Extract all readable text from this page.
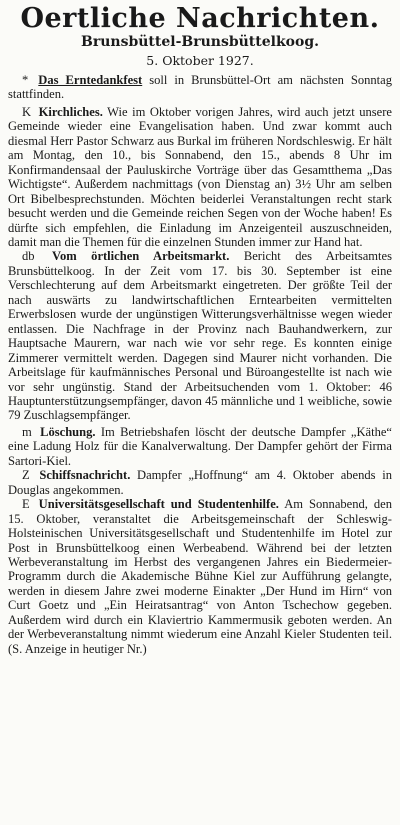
Oertliche Nachrichten.
Brunsbüttel-Brunsbüttelkoog.
5. Oktober 1927.

* Das Erntedankfest soll in Brunsbüttel-Ort am nächsten Sonntag stattfinden.

K Kirchliches. Wie im Oktober vorigen Jahres, wird auch jetzt unsere Gemeinde wieder eine Evangelisation haben. Und zwar kommt auch diesmal Herr Pastor Schwarz aus Burkal im früheren Nordschleswig. Er hält am Montag, den 10., bis Sonnabend, den 15., abends 8 Uhr im Konfirmandensaal der Pauluskirche Vorträge über das Gesamtthema „Das Wichtigste“. Außerdem nachmittags (von Dienstag an) 3½ Uhr am selben Ort Bibelbesprechstunden. Möchten beiderlei Veranstaltungen recht stark besucht werden und die Gemeinde reichen Segen von der Woche haben! Es dürfte sich empfehlen, die Einladung im Anzeigenteil auszuschneiden, damit man die Themen für die einzelnen Stunden immer zur Hand hat.

db Vom örtlichen Arbeitsmarkt. Bericht des Arbeitsamtes Brunsbüttelkoog. In der Zeit vom 17. bis 30. September ist eine Verschlechterung auf dem Arbeitsmarkt eingetreten. Der größte Teil der nach auswärts zu landwirtschaftlichen Erntearbeiten vermittelten Erwerbslosen wurde der ungünstigen Witterungsverhältnisse wegen wieder entlassen. Die Nachfrage in der Provinz nach Bauhandwerkern, zur Hauptsache Maurern, war nach wie vor sehr rege. Es konnten einige Zimmerer vermittelt werden. Dagegen sind Maurer nicht vorhanden. Die Arbeitslage für kaufmännisches Personal und Büroangestellte ist nach wie vor sehr ungünstig. Stand der Arbeitsuchenden vom 1. Oktober: 46 Hauptunterstützungsempfänger, davon 45 männliche und 1 weibliche, sowie 79 Zuschlagsempfänger.

m Löschung. Im Betriebshafen löscht der deutsche Dampfer „Käthe“ eine Ladung Holz für die Kanalverwaltung. Der Dampfer gehört der Firma Sartori-Kiel.

Z Schiffsnachricht. Dampfer „Hoffnung“ am 4. Oktober abends in Douglas angekommen.

E Universitätsgesellschaft und Studentenhilfe. Am Sonnabend, den 15. Oktober, veranstaltet die Arbeitsgemeinschaft der Schleswig-Holsteinischen Universitätsgesellschaft und Studentenhilfe im Hotel zur Post in Brunsbüttelkoog einen Werbeabend. Während bei der letzten Werbeveranstaltung im Herbst des vergangenen Jahres ein Biedermeier-Programm durch die Akademische Bühne Kiel zur Aufführung gelangte, werden in diesem Jahre zwei moderne Einakter „Der Hund im Hirn“ von Curt Goetz und „Ein Heiratsantrag“ von Anton Tschechow gegeben. Außerdem wird durch ein Klaviertrio Kammermusik geboten werden. An der Werbeveranstaltung nimmt wiederum eine Anzahl Kieler Studenten teil. (S. Anzeige in heutiger Nr.)
